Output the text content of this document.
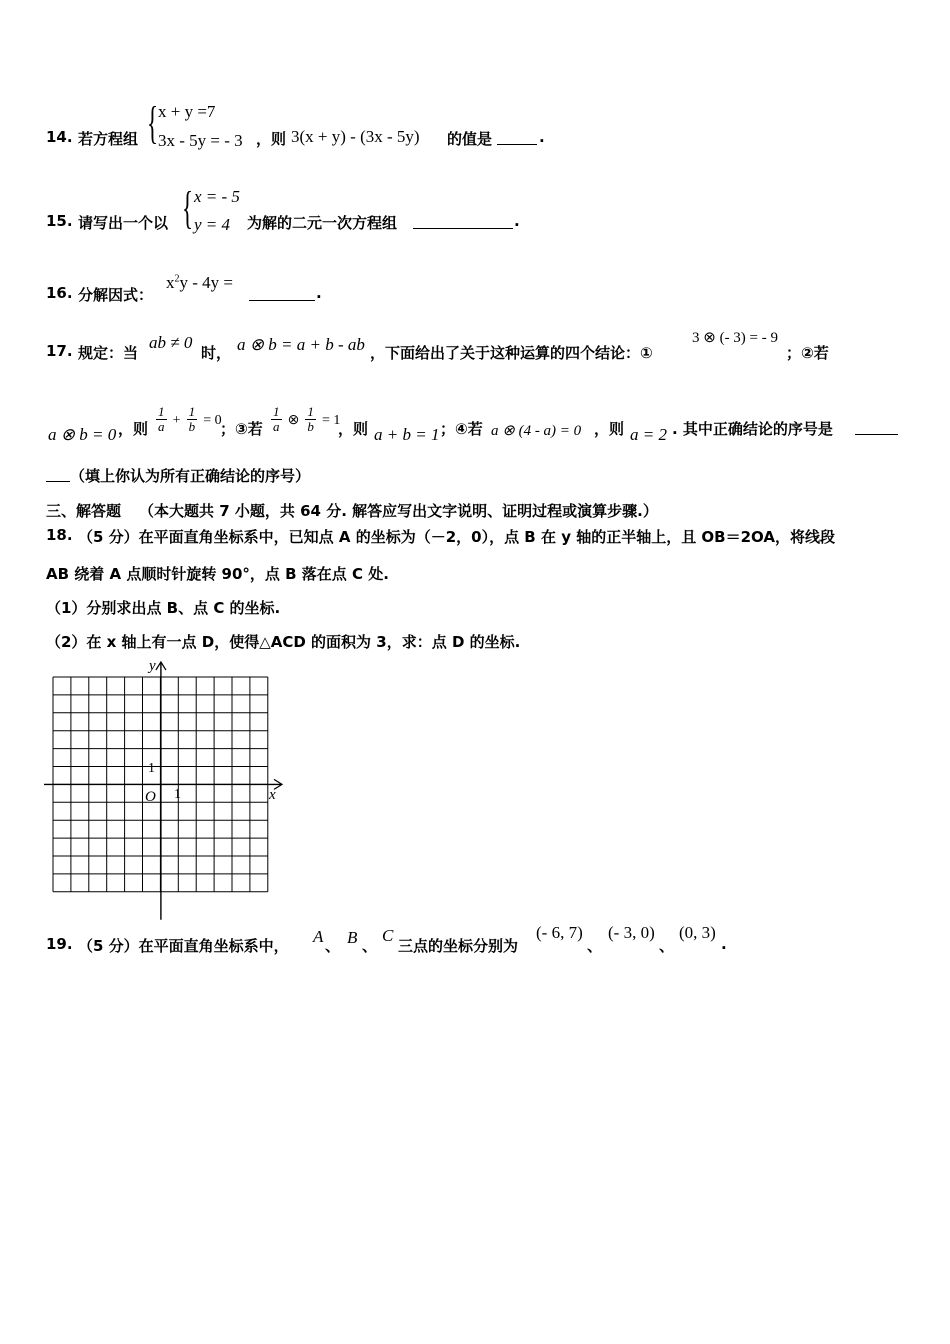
14. 若方程组 { x + y =7
3x - 5y = - 3 ，则 3(x + y) - (3x - 5y) 的值是	.
15. 请写出一个以 { x = - 5
y = 4 为解的二元一次方程组	.
16. 分解因式：
$x^2y - 4y$ =
.
17. 规定：当
ab ≠ 0
时， a ⊗ b = a + b - ab ，下面给出了关于这种运算的四个结论：①
3 ⊗ (- 3) = - 9
；②若
a ⊗ b = 0 ，则 $\frac{1}{a} + \frac{1}{b} = 0$
；③若 $\frac{1}{a}$ ⊗ $\frac{1}{b} = 1$
，则 a + b = 1 ；④若 a ⊗ (4 - a) = 0 ，则 a = 2 . 其中正确结论的序号是
（填上你认为所有正确结论的序号）
三、解答题 （本大题共 7 小题，共 64 分. 解答应写出文字说明、证明过程或演算步骤.）
18. （5 分）在平面直角坐标系中，已知点 A 的坐标为（－2，0），点 B 在 y 轴的正半轴上，且 OB＝2OA，将线段
AB 绕着 A 点顺时针旋转 90°，点 B 落在点 C 处.
（1）分别求出点 B、点 C 的坐标.
（2）在 x 轴上有一点 D，使得△ACD 的面积为 3，求：点 D 的坐标.
y
x
O
1
1
19. （5 分）在平面直角坐标系中， A 、 B 、
C
三点的坐标分别为
(- 6, 7)
、
(- 3, 0)
、
(0, 3)
.
